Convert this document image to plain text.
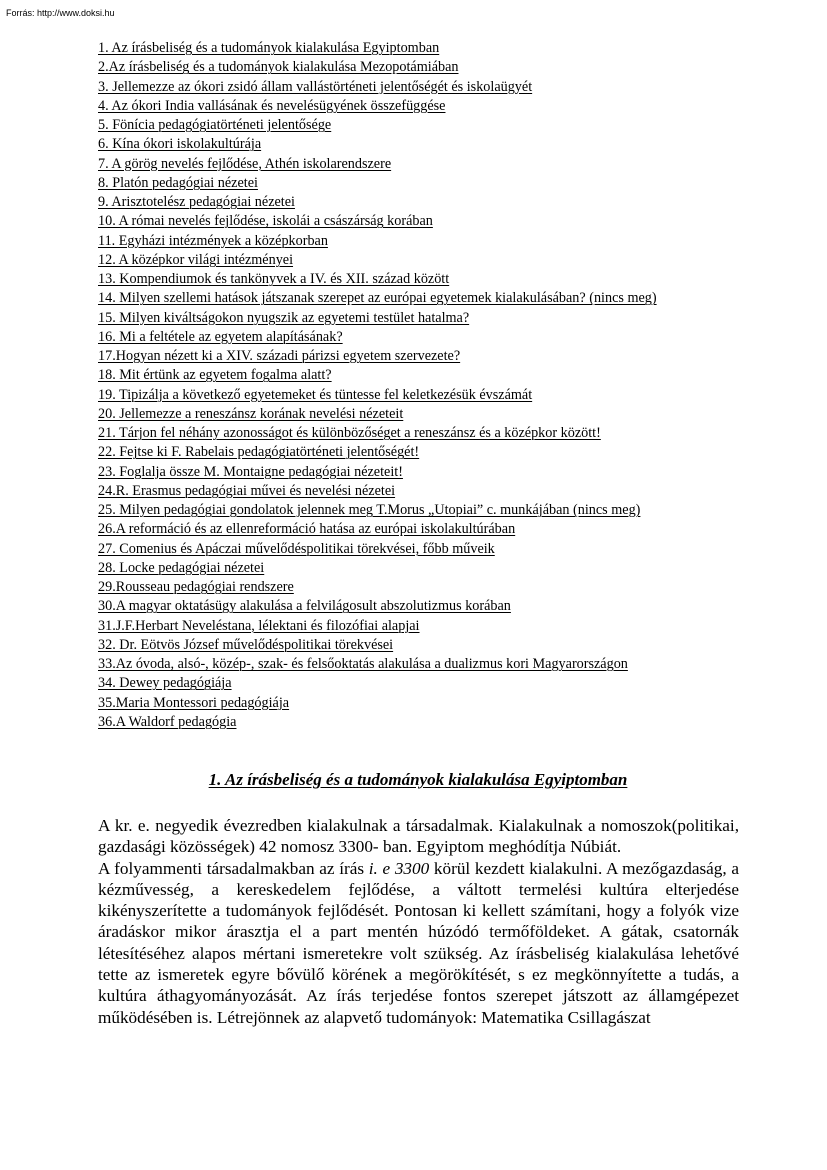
Forrás: http://www.doksi.hu
1. Az írásbeliség és a tudományok kialakulása Egyiptomban
2.Az írásbeliség és a tudományok kialakulása Mezopotámiában
3. Jellemezze az ókori zsidó állam vallástörténeti jelentőségét és iskolaügyét
4. Az ókori India vallásának és nevelésügyének összefüggése
5. Fönícia pedagógiatörténeti jelentősége
6. Kína ókori iskolakultúrája
7. A görög nevelés fejlődése, Athén iskolarendszere
8. Platón pedagógiai nézetei
9. Arisztotelész pedagógiai nézetei
10. A római nevelés fejlődése, iskolái a császárság korában
11. Egyházi intézmények a középkorban
12. A középkor világi intézményei
13. Kompendiumok és tankönyvek a IV. és XII. század között
14. Milyen szellemi hatások játszanak szerepet az európai egyetemek kialakulásában? (nincs meg)
15. Milyen kiváltságokon nyugszik az egyetemi testület hatalma?
16. Mi a feltétele az egyetem alapításának?
17.Hogyan nézett ki a XIV. századi párizsi egyetem szervezete?
18. Mit értünk az egyetem fogalma alatt?
19. Tipizálja a következő egyetemeket és tüntesse fel keletkezésük évszámát
20. Jellemezze a reneszánsz korának nevelési nézeteit
21. Tárjon fel néhány azonosságot és különbözőséget a reneszánsz és a középkor között!
22. Fejtse ki F. Rabelais pedagógiatörténeti jelentőségét!
23. Foglalja össze M. Montaigne pedagógiai nézeteit!
24.R. Erasmus pedagógiai művei és nevelési nézetei
25. Milyen pedagógiai gondolatok jelennek meg T.Morus „Utopiai” c. munkájában (nincs meg)
26.A reformáció és az ellenreformáció hatása az európai iskolakultúrában
27. Comenius és Apáczai művelődéspolitikai törekvései, főbb műveik
28. Locke pedagógiai nézetei
29.Rousseau pedagógiai rendszere
30.A magyar oktatásügy alakulása a felvilágosult abszolutizmus korában
31.J.F.Herbart Neveléstana, lélektani és filozófiai alapjai
32. Dr. Eötvös József művelődéspolitikai törekvései
33.Az óvoda, alsó-, közép-, szak- és felsőoktatás alakulása a dualizmus kori Magyarországon
34. Dewey pedagógiája
35.Maria Montessori pedagógiája
36.A Waldorf pedagógia
1. Az írásbeliség és a tudományok kialakulása Egyiptomban

A kr. e. negyedik évezredben kialakulnak a társadalmak. Kialakulnak a nomoszok(politikai, gazdasági közösségek) 42 nomosz 3300- ban. Egyiptom meghódítja Núbiát.

A folyammenti társadalmakban az írás i. e 3300 körül kezdett kialakulni. A mezőgazdaság, a kézművesség, a kereskedelem fejlődése, a váltott termelési kultúra elterjedése kikényszerítette a tudományok fejlődését. Pontosan ki kellett számítani, hogy a folyók vize áradáskor mikor árasztja el a part mentén húzódó termőföldeket. A gátak, csatornák létesítéséhez alapos mértani ismeretekre volt szükség. Az írásbeliség kialakulása lehetővé tette az ismeretek egyre bővülő körének a megörökítését, s ez megkönnyítette a tudás, a kultúra áthagyományozását. Az írás terjedése fontos szerepet játszott az államgépezet működésében is. Létrejönnek az alapvető tudományok: Matematika Csillagászat
